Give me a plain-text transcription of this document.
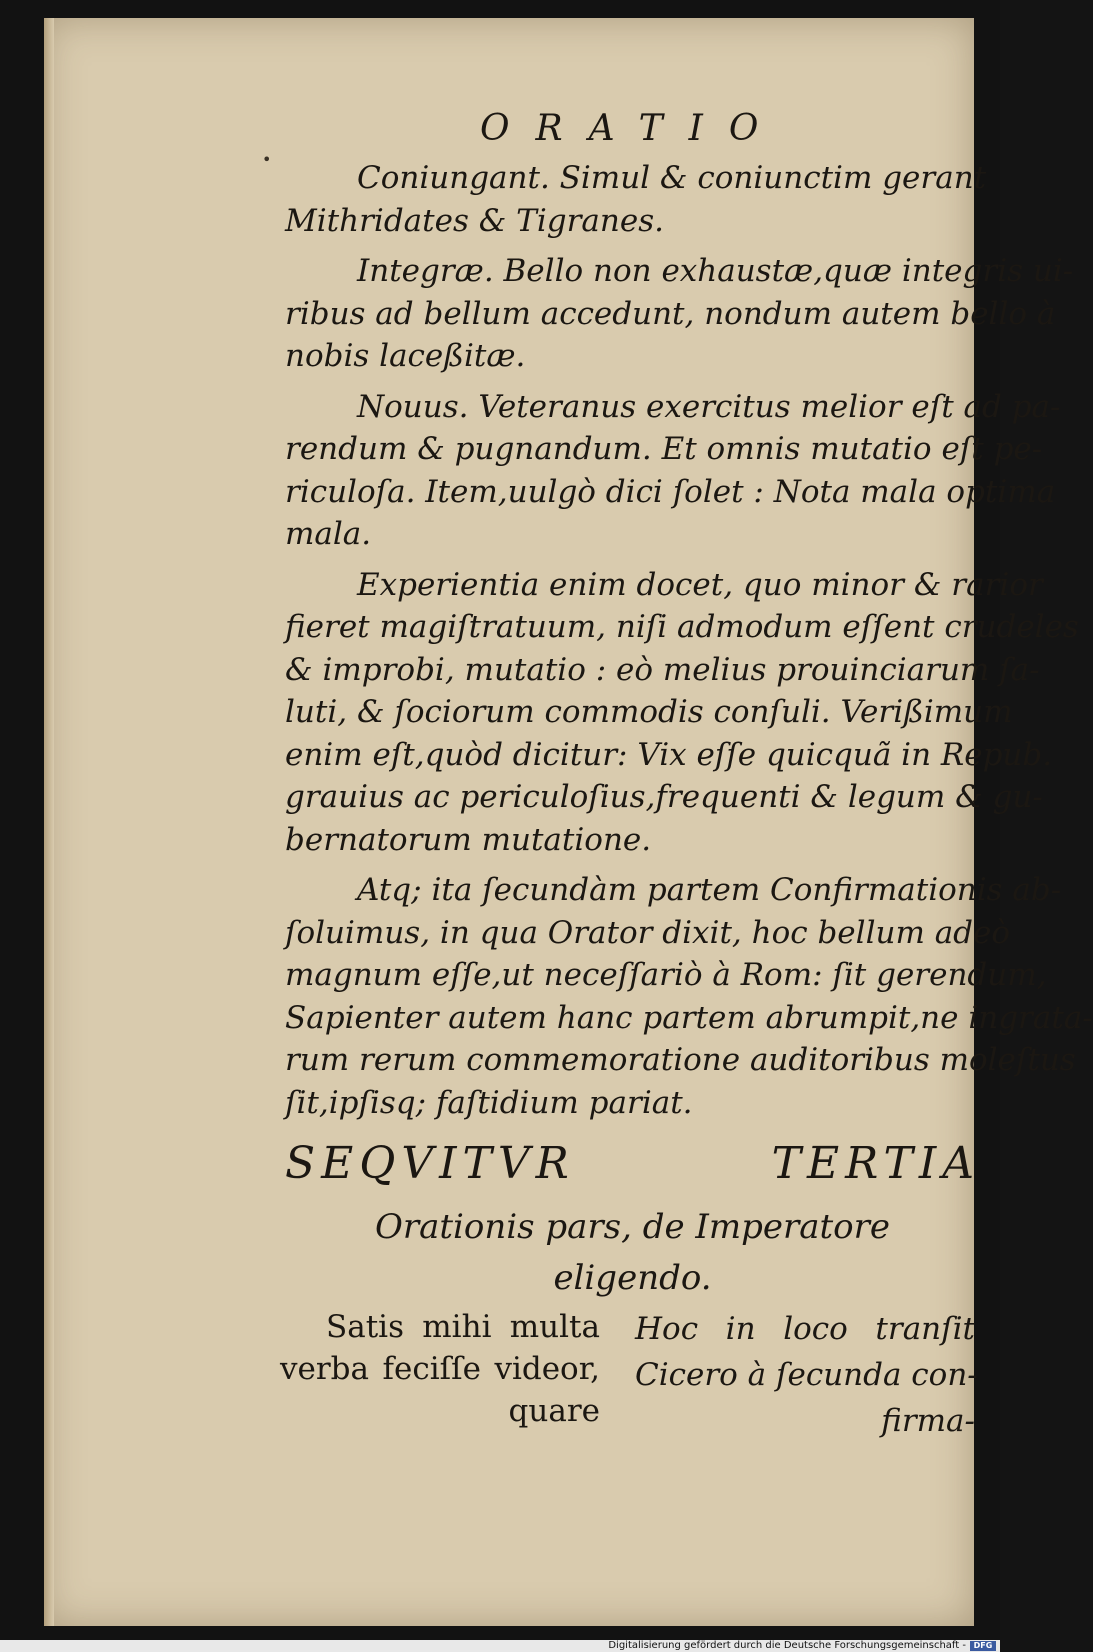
ORATIO
Coniungant. Simul & coniunctim gerant
Mithridates & Tigranes.
Integræ. Bello non exhaustæ,quæ integris ui-
ribus ad bellum accedunt, nondum autem bello à
nobis laceßitæ.
Nouus. Veteranus exercitus melior eſt ad pa-
rendum & pugnandum. Et omnis mutatio eſt pe-
riculoſa. Item,uulgò dici ſolet : Nota mala optima
mala.
Experientia enim docet, quo minor & rarior
fieret magiſtratuum, niſi admodum eſſent crudeles
& improbi, mutatio : eò melius prouinciarum ſa-
luti, & ſociorum commodis conſuli. Verißimum
enim eſt,quòd dicitur: Vix eſſe quicquã in Repub.
grauius ac periculoſius,frequenti & legum & gu-
bernatorum mutatione.
Atq; ita ſecundàm partem Confirmationis ab-
ſoluimus, in qua Orator dixit, hoc bellum adeò
magnum eſſe,ut neceſſariò à Rom: ſit gerendum,
Sapienter autem hanc partem abrumpit,ne ingrata-
rum rerum commemoratione auditoribus moleſtus
ſit,ipſisq; faſtidium pariat.
SEQVITVR TERTIA
Orationis pars, de Imperatore
eligendo.
Satis mihi multa
verba feciſſe videor,
quare
Hoc in loco tranſit
Cicero à ſecunda con-
firma-
•
Digitalisierung gefördert durch die Deutsche Forschungsgemeinschaft - DFG
